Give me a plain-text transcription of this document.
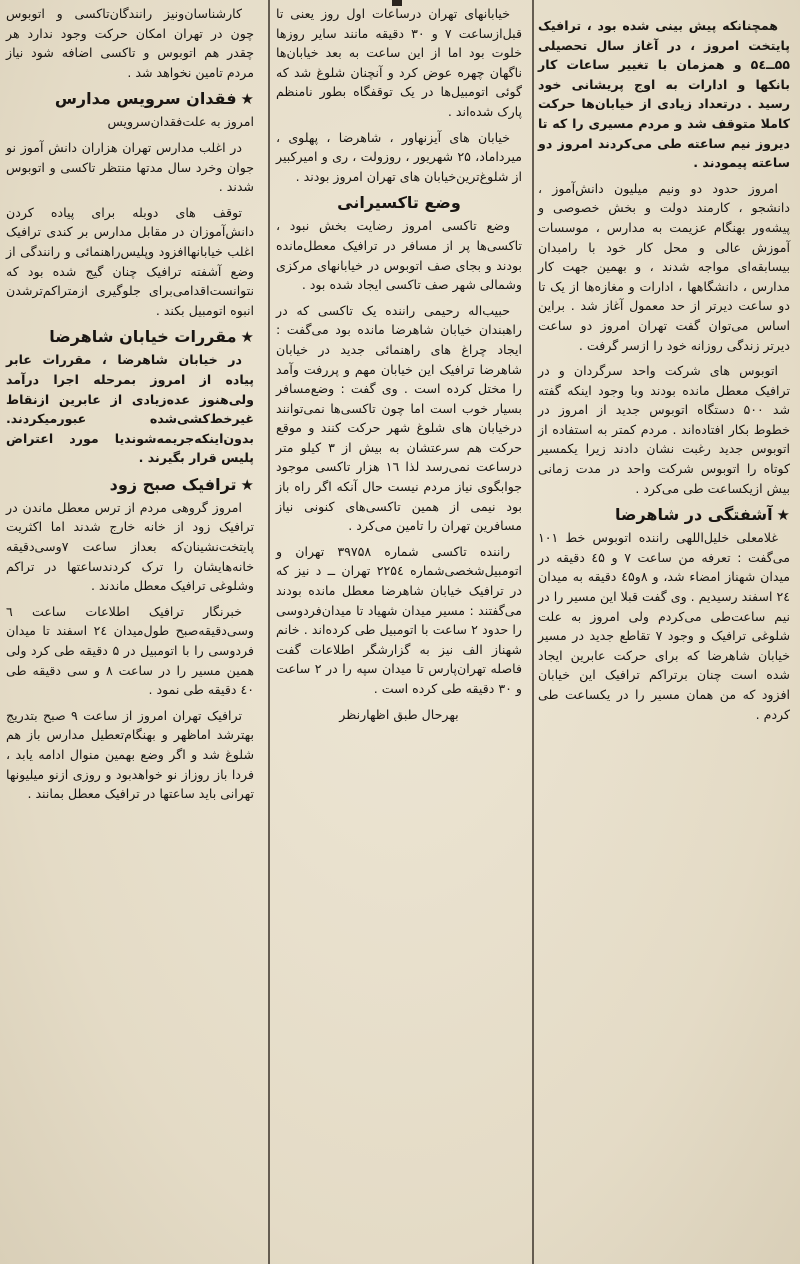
همچنانکه پیش بینی شده بود ، ترافیک پایتخت امروز ، در آغاز سال تحصیلی ۵۵ــ۵٤ و همزمان با تغییر ساعات کار بانکها و ادارات به اوج پریشانی خود رسید . درتعداد زیادی از خیابان‌ها حرکت کاملا متوقف شد و مردم مسیری را که تا دیروز نیم ساعته طی می‌کردند امروز دو ساعته پیمودند .

امروز حدود دو ونیم میلیون دانش‌آموز ، دانشجو ، کارمند دولت و بخش خصوصی و پیشه‌ور بهنگام عزیمت به مدارس ، موسسات آموزش عالی و محل کار خود با رامبدان بیسابقه‌ای مواجه شدند ، و بهمین جهت کار مدارس ، دانشگاهها ، ادارات و مغازه‌ها از یک تا دو ساعت دیرتر از حد معمول آغاز شد . براین اساس می‌توان گفت تهران امروز دو ساعت دیرتر زندگی روزانه خود را ازسر گرفت .

اتوبوس های شرکت واحد سرگردان و در ترافیک معطل مانده بودند وبا وجود اینکه گفته شد ۵۰۰ دستگاه اتوبوس جدید از امروز در خطوط بکار افتاده‌اند . مردم کمتر به استفاده از اتوبوس جدید رغبت نشان دادند زیرا یکمسیر کوتاه را اتوبوس شرکت واحد در مدت زمانی بیش ازیکساعت طی می‌کرد .

★آشفتگی در شاهرضا

غلامعلی خلیل‌اللهی راننده اتوبوس خط ۱۰۱ می‌گفت : تعرفه من ساعت ۷ و ٤۵ دقیقه در میدان شهناز امضاء شد، و ۸و٤۵ دقیقه به میدان ٢٤ اسفند رسیدیم . وی گفت قبلا این مسیر را در نیم ساعت‌طی می‌کردم ولی امروز به علت شلوغی ترافیک و وجود ۷ تقاطع جدید در مسیر خیابان شاهرضا که برای حرکت عابرین ایجاد شده است چنان برتراکم ترافیک این خیابان افزود که من همان مسیر را در یکساعت طی کردم .

خیابانهای تهران درساعات اول روز یعنی تا قبل‌ازساعت ۷ و ۳۰ دقیقه مانند سایر روزها خلوت بود اما از این ساعت به بعد خیابان‌ها ناگهان چهره عوض کرد و آنچنان شلوغ شد که گوئی اتومبیل‌ها در یک توقفگاه بطور نامنظم پارک شده‌اند .

خیابان های آیزنهاور ، شاهرضا ، پهلوی ، میرداماد، ٢۵ شهریور ، روزولت ، ری و امیرکبیر از شلوغ‌ترین‌خیابان های تهران امروز بودند .

وضع تاکسیرانی

وضع تاکسی امروز رضایت بخش نبود ، تاکسی‌ها پر از مسافر در ترافیک معطل‌مانده بودند و بجای صف اتوبوس در خیابانهای مرکزی وشمالی شهر صف تاکسی ایجاد شده بود .

حبیب‌اله رحیمی راننده یک تاکسی که در راهبندان خیابان شاهرضا مانده بود می‌گفت : ایجاد چراغ های راهنمائی جدید در خیابان شاهرضا ترافیک این خیابان مهم و پررفت وآمد را مختل کرده است . وی گفت : وضع‌مسافر بسیار خوب است اما چون تاکسی‌ها نمی‌توانند درخیابان های شلوغ شهر حرکت کنند و موقع حرکت هم سرعتشان به بیش از ۳ کیلو متر درساعت نمی‌رسد لذا ۱٦ هزار تاکسی موجود جوابگوی نیاز مردم نیست حال آنکه اگر راه باز بود نیمی از همین تاکسی‌های کنونی نیاز مسافرین تهران را تامین می‌کرد .

راننده تاکسی شماره ۳۹۷۵۸ تهران و اتومبیل‌شخصی‌شماره ٢٢۵٤ تهران ــ د نیز که در ترافیک خیابان شاهرضا معطل مانده بودند می‌گفتند : مسیر میدان شهیاد تا میدان‌فردوسی را حدود ٢ ساعت با اتومبیل طی کرده‌اند . خانم شهناز الف نیز به گزارشگر اطلاعات گفت فاصله تهران‌پارس تا میدان سپه را در ٢ ساعت و ۳۰ دقیقه طی کرده است .

بهرحال طبق اظهارنظر

کارشناسان‌ونیز رانندگان‌تاکسی و اتوبوس چون در تهران امکان حرکت وجود ندارد هر چقدر هم اتوبوس و تاکسی اضافه شود نیاز مردم تامین نخواهد شد .

★فقدان سرویس مدارس
امروز به علت‌فقدان‌سرویس

در اغلب مدارس تهران هزاران دانش آموز نو جوان وخرد سال مدتها منتظر تاکسی و اتوبوس شدند .

توقف های دوبله برای پیاده کردن دانش‌آموزان در مقابل مدارس بر کندی ترافیک اغلب خیابانها‌افزود وپلیس‌راهنمائی و رانندگی از وضع آشفته ترافیک چنان گیج شده بود که نتوانست‌اقدامی‌برای جلوگیری ازمتراکم‌ترشدن انبوه اتومبیل بکند .

★مقررات خیابان شاهرضا

در خیابان شاهرضا ، مقررات عابر پیاده از امروز بمرحله اجرا درآمد ولی‌هنوز عده‌زیادی از عابرین ازنقاط غیرخط‌کشی‌شده عبورمیکردند. بدون‌اینکه‌جریمه‌شوند‌یا مورد اعتراض پلیس قرار بگیرند .

★ترافیک صبح زود

امروز گروهی مردم از ترس معطل ماندن در ترافیک زود از خانه خارج شدند اما اکثریت پایتخت‌نشینان‌که بعداز ساعت ۷وسی‌دقیقه خانه‌هایشان را ترک کردند‌ساعتها در تراکم وشلوغی ترافیک معطل ماندند .

خبرنگار ترافیک اطلاعات ساعت ٦ وسی‌دقیقه‌صبح طول‌میدان ٢٤ اسفند تا میدان فردوسی را با اتومبیل در ۵ دقیقه طی کرد ولی همین مسیر را در ساعت ۸ و سی دقیقه طی ٤۰ دقیقه طی نمود .

ترافیک تهران امروز از ساعت ۹ صبح بتدریج بهترشد اماظهر و بهنگام‌تعطیل مدارس باز هم شلوغ شد و اگر وضع بهمین منوال ادامه یابد ، فردا باز روزاز نو خواهدبود و روزی ازنو میلیونها تهرانی باید ساعتها در ترافیک معطل بمانند .
